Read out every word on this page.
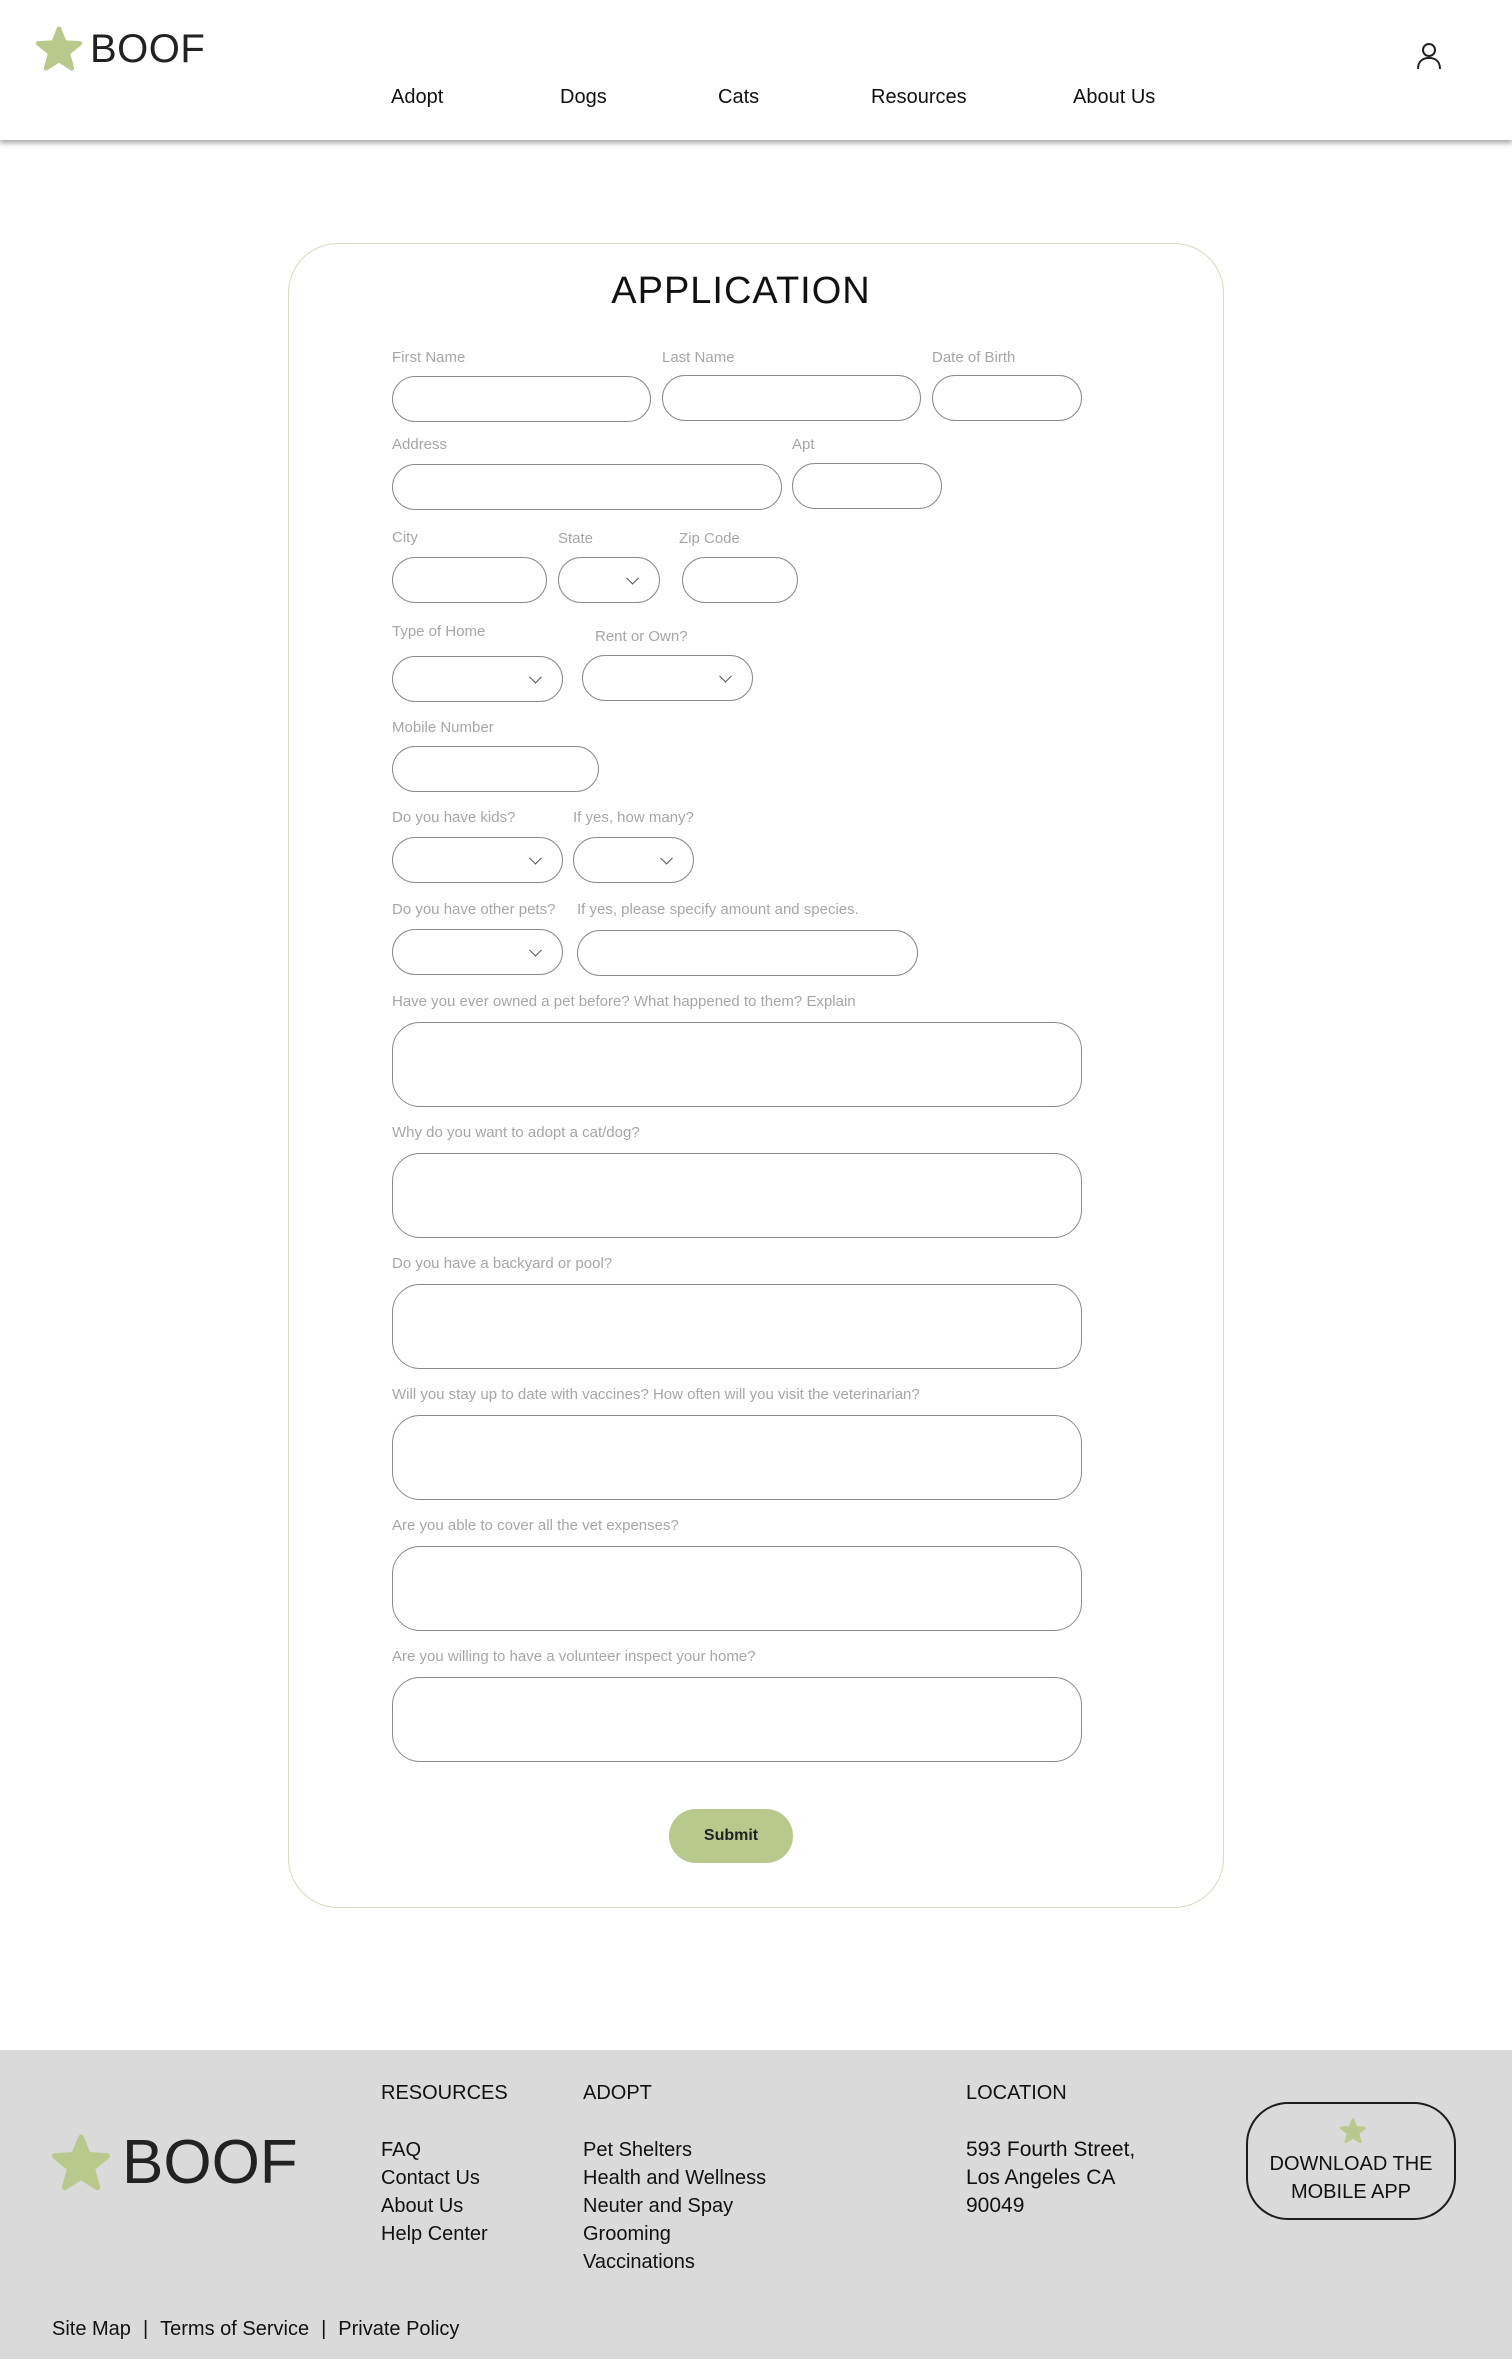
BOOF
Adopt	Dogs	Cats	Resources	About Us
APPLICATION
First Name	Last Name	Date of Birth
Address	Apt
City	State	Zip Code
Type of Home	Rent or Own?
Mobile Number
Do you have kids?	If yes, how many?
Do you have other pets? If yes, please specify amount and species.
Have you ever owned a pet before? What happened to them? Explain
Why do you want to adopt a cat/dog?
Do you have a backyard or pool?
Will you stay up to date with vaccines? How often will you visit the veterinarian?
Are you able to cover all the vet expenses?
Are you willing to have a volunteer inspect your home?
Submit
BOOF
RESOURCES
FAQ
Contact Us
About Us
Help Center
ADOPT
Pet Shelters
Health and Wellness
Neuter and Spay
Grooming
Vaccinations
LOCATION
593 Fourth Street,
Los Angeles CA
90049
DOWNLOAD THE
MOBILE APP
Site Map | Terms of Service | Private Policy
